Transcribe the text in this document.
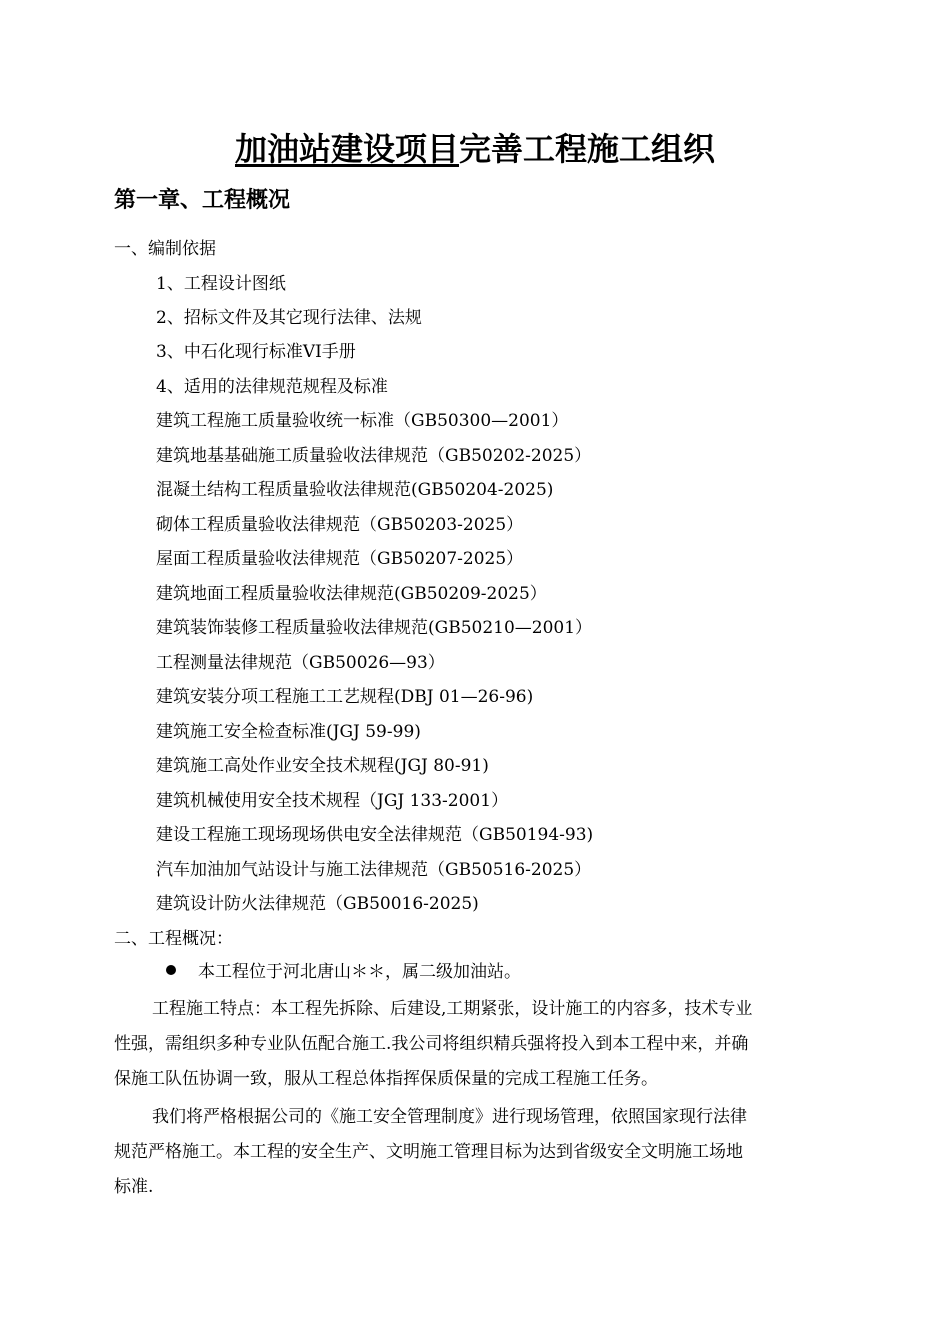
加油站建设项目完善工程施工组织
第一章、工程概况
一、编制依据
1、工程设计图纸
2、招标文件及其它现行法律、法规
3、中石化现行标准VI手册
4、适用的法律规范规程及标准
建筑工程施工质量验收统一标准（GB50300—2001）
建筑地基基础施工质量验收法律规范（GB50202-2025）
混凝土结构工程质量验收法律规范(GB50204-2025)
砌体工程质量验收法律规范（GB50203-2025）
屋面工程质量验收法律规范（GB50207-2025）
建筑地面工程质量验收法律规范(GB50209-2025）
建筑装饰装修工程质量验收法律规范(GB50210—2001）
工程测量法律规范（GB50026—93）
建筑安装分项工程施工工艺规程(DBJ 01—26-96)
建筑施工安全检查标准(JGJ 59-99)
建筑施工高处作业安全技术规程(JGJ 80-91)
建筑机械使用安全技术规程（JGJ 133-2001）
建设工程施工现场现场供电安全法律规范（GB50194-93)
汽车加油加气站设计与施工法律规范（GB50516-2025）
建筑设计防火法律规范（GB50016-2025)
二、工程概况：
本工程位于河北唐山＊＊，属二级加油站。
工程施工特点：本工程先拆除、后建设,工期紧张，设计施工的内容多，技术专业
性强，需组织多种专业队伍配合施工.我公司将组织精兵强将投入到本工程中来，并确
保施工队伍协调一致，服从工程总体指挥保质保量的完成工程施工任务。
我们将严格根据公司的《施工安全管理制度》进行现场管理，依照国家现行法律
规范严格施工。本工程的安全生产、文明施工管理目标为达到省级安全文明施工场地
标准.
